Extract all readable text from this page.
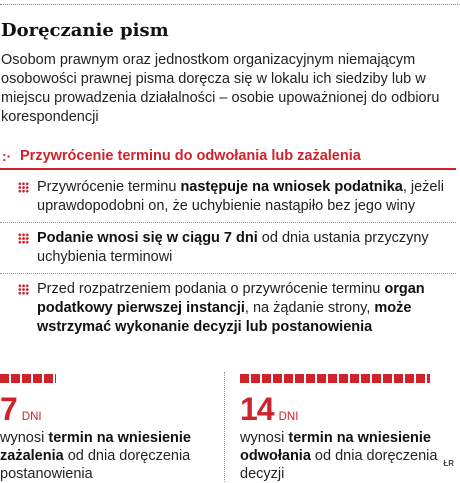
Doręczanie pism
Osobom prawnym oraz jednostkom organizacyjnym niemającym osobowości prawnej pisma doręcza się w lokalu ich siedziby lub w miejscu prowadzenia działalności – osobie upoważnionej do odbioru korespondencji
:· Przywrócenie terminu do odwołania lub zażalenia
Przywrócenie terminu następuje na wniosek podatnika, jeżeli uprawdopodobni on, że uchybienie nastąpiło bez jego winy
Podanie wnosi się w ciągu 7 dni od dnia ustania przyczyny uchybienia terminowi
Przed rozpatrzeniem podania o przywrócenie terminu organ podatkowy pierwszej instancji, na żądanie strony, może wstrzymać wykonanie decyzji lub postanowienia
7 DNI
wynosi termin na wniesienie zażalenia od dnia doręczenia postanowienia
14 DNI
wynosi termin na wniesienie odwołania od dnia doręczenia decyzji
ŁR
